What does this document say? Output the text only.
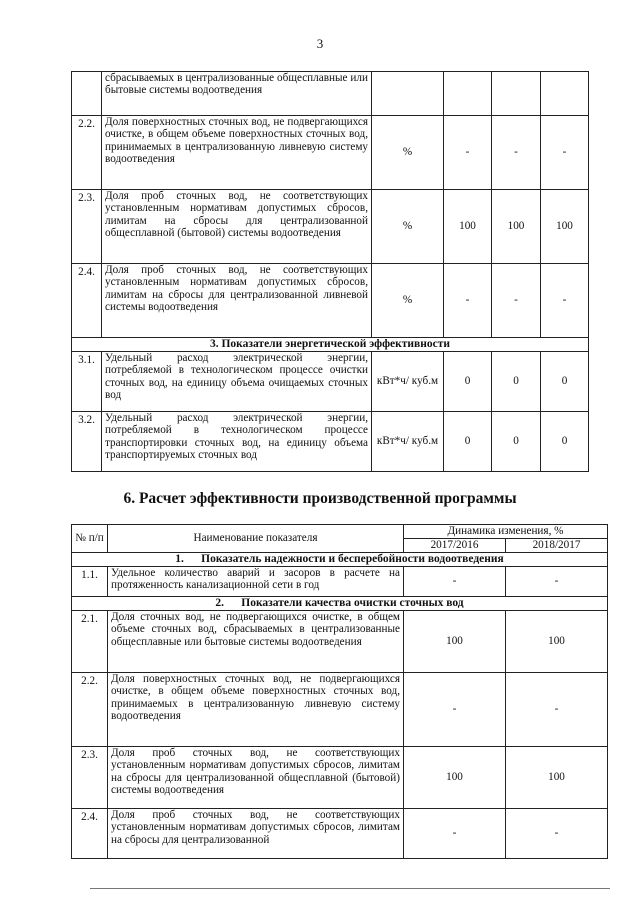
3
	сбрасываемых в централизованные общесплавные или бытовые системы водоотведения				
2.2.	Доля поверхностных сточных вод, не подвергающихся очистке, в общем объеме поверхностных сточных вод, принимаемых в централизованную ливневую систему водоотведения	%	-	-	-
2.3.	Доля проб сточных вод, не соответствующих установленным нормативам допустимых сбросов, лимитам на сбросы для централизованной общесплавной (бытовой) системы водоотведения	%	100	100	100
2.4.	Доля проб сточных вод, не соответствующих установленным нормативам допустимых сбросов, лимитам на сбросы для централизованной ливневой системы водоотведения	%	-	-	-
3. Показатели энергетической эффективности					
3.1.	Удельный расход электрической энергии, потребляемой в технологическом процессе очистки сточных вод, на единицу объема очищаемых сточных вод	кВт*ч/ куб.м	0	0	0
3.2.	Удельный расход электрической энергии, потребляемой в технологическом процессе транспортировки сточных вод, на единицу объема транспортируемых сточных вод	кВт*ч/ куб.м	0	0	0
6. Расчет эффективности производственной программы
№ п/п	Наименование показателя	Динамика изменения, %	
		2017/2016	2018/2017
1. Показатель надежности и бесперебойности водоотведения			
1.1.	Удельное количество аварий и засоров в расчете на протяженность канализационной сети в год	-	-
2. Показатели качества очистки сточных вод			
2.1.	Доля сточных вод, не подвергающихся очистке, в общем объеме сточных вод, сбрасываемых в централизованные общесплавные или бытовые системы водоотведения	100	100
2.2.	Доля поверхностных сточных вод, не подвергающихся очистке, в общем объеме поверхностных сточных вод, принимаемых в централизованную ливневую систему водоотведения	-	-
2.3.	Доля проб сточных вод, не соответствующих установленным нормативам допустимых сбросов, лимитам на сбросы для централизованной общесплавной (бытовой) системы водоотведения	100	100
2.4.	Доля проб сточных вод, не соответствующих установленным нормативам допустимых сбросов, лимитам на сбросы для централизованной	-	-
